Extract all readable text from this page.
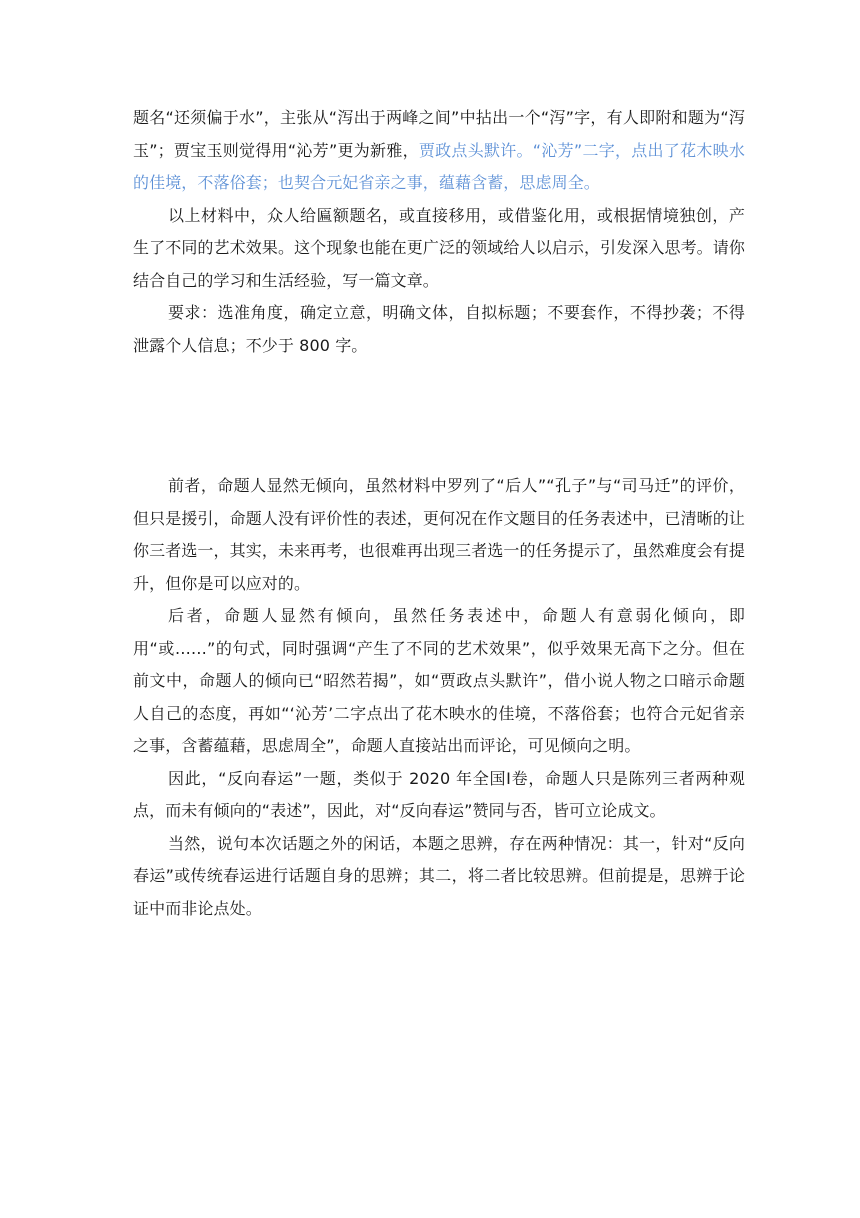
题名“还须偏于水”，主张从“泻出于两峰之间”中拈出一个“泻”字，有人即附和题为“泻玉”；贾宝玉则觉得用“沁芳”更为新雅，贾政点头默许。“沁芳”二字，点出了花木映水的佳境，不落俗套；也契合元妃省亲之事，蕴藉含蓄，思虑周全。

以上材料中，众人给匾额题名，或直接移用，或借鉴化用，或根据情境独创，产生了不同的艺术效果。这个现象也能在更广泛的领域给人以启示，引发深入思考。请你结合自己的学习和生活经验，写一篇文章。

要求：选准角度，确定立意，明确文体，自拟标题；不要套作，不得抄袭；不得泄露个人信息；不少于 800 字。

前者，命题人显然无倾向，虽然材料中罗列了“后人”“孔子”与“司马迁”的评价，但只是援引，命题人没有评价性的表述，更何况在作文题目的任务表述中，已清晰的让你三者选一，其实，未来再考，也很难再出现三者选一的任务提示了，虽然难度会有提升，但你是可以应对的。

后者，命题人显然有倾向，虽然任务表述中，命题人有意弱化倾向，即用“或……”的句式，同时强调“产生了不同的艺术效果”，似乎效果无高下之分。但在前文中，命题人的倾向已“昭然若揭”，如“贾政点头默许”，借小说人物之口暗示命题人自己的态度，再如“‘沁芳’二字点出了花木映水的佳境，不落俗套；也符合元妃省亲之事，含蓄蕴藉，思虑周全”，命题人直接站出而评论，可见倾向之明。

因此，“反向春运”一题，类似于 2020 年全国Ⅰ卷，命题人只是陈列三者两种观点，而未有倾向的“表述”，因此，对“反向春运”赞同与否，皆可立论成文。

当然，说句本次话题之外的闲话，本题之思辨，存在两种情况：其一，针对“反向春运”或传统春运进行话题自身的思辨；其二，将二者比较思辨。但前提是，思辨于论证中而非论点处。
